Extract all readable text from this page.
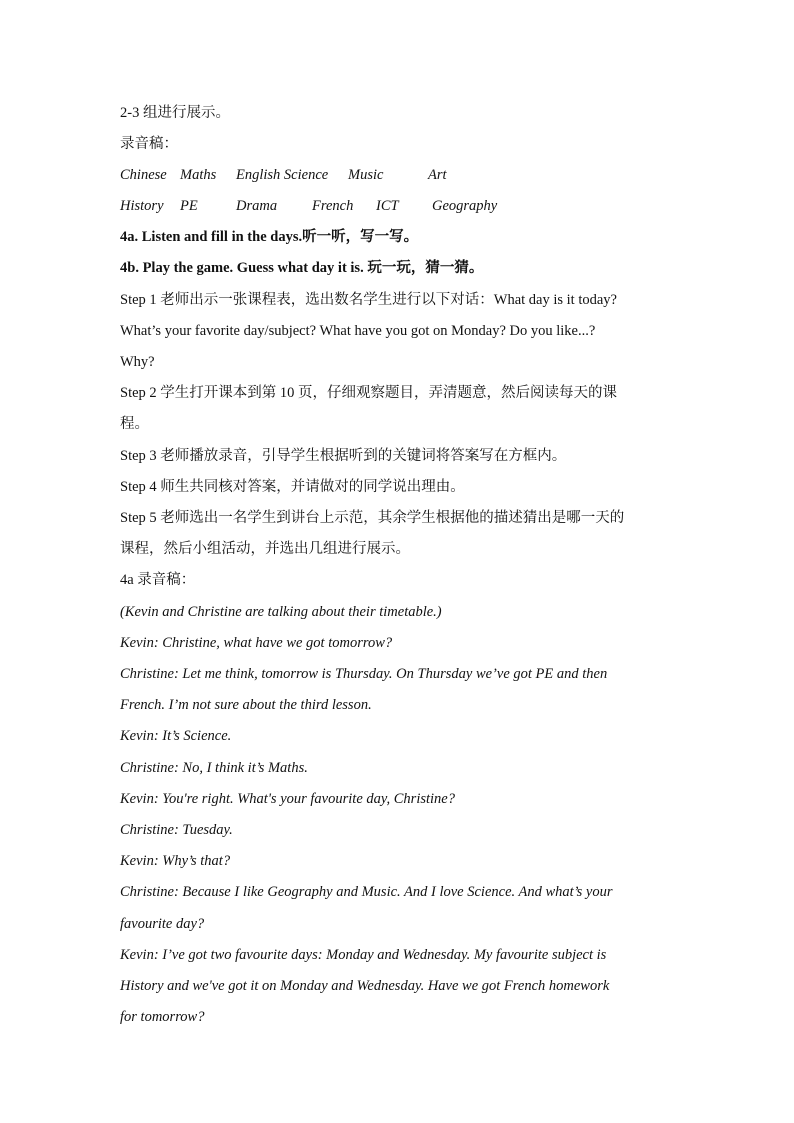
2-3 组进行展示。
录音稿：
Chinese Maths English Science Music	Art
History PE	Drama French ICT Geography
4a. Listen and fill in the days.听一听，写一写。
4b. Play the game. Guess what day it is. 玩一玩，猜一猜。
Step 1 老师出示一张课程表，选出数名学生进行以下对话：What day is it today?
What’s your favorite day/subject? What have you got on Monday? Do you like...?
Why?
Step 2 学生打开课本到第 10 页，仔细观察题目，弄清题意，然后阅读每天的课
程。
Step 3 老师播放录音，引导学生根据听到的关键词将答案写在方框内。
Step 4 师生共同核对答案，并请做对的同学说出理由。
Step 5 老师选出一名学生到讲台上示范，其余学生根据他的描述猜出是哪一天的
课程，然后小组活动，并选出几组进行展示。
4a 录音稿：
(Kevin and Christine are talking about their timetable.)
Kevin: Christine, what have we got tomorrow?
Christine: Let me think, tomorrow is Thursday. On Thursday we’ve got PE and then
French. I’m not sure about the third lesson.
Kevin: It’s Science.
Christine: No, I think it’s Maths.
Kevin: You're right. What's your favourite day, Christine?
Christine: Tuesday.
Kevin: Why’s that?
Christine: Because I like Geography and Music. And I love Science. And what’s your
favourite day?
Kevin: I’ve got two favourite days: Monday and Wednesday. My favourite subject is
History and we've got it on Monday and Wednesday. Have we got French homework
for tomorrow?
